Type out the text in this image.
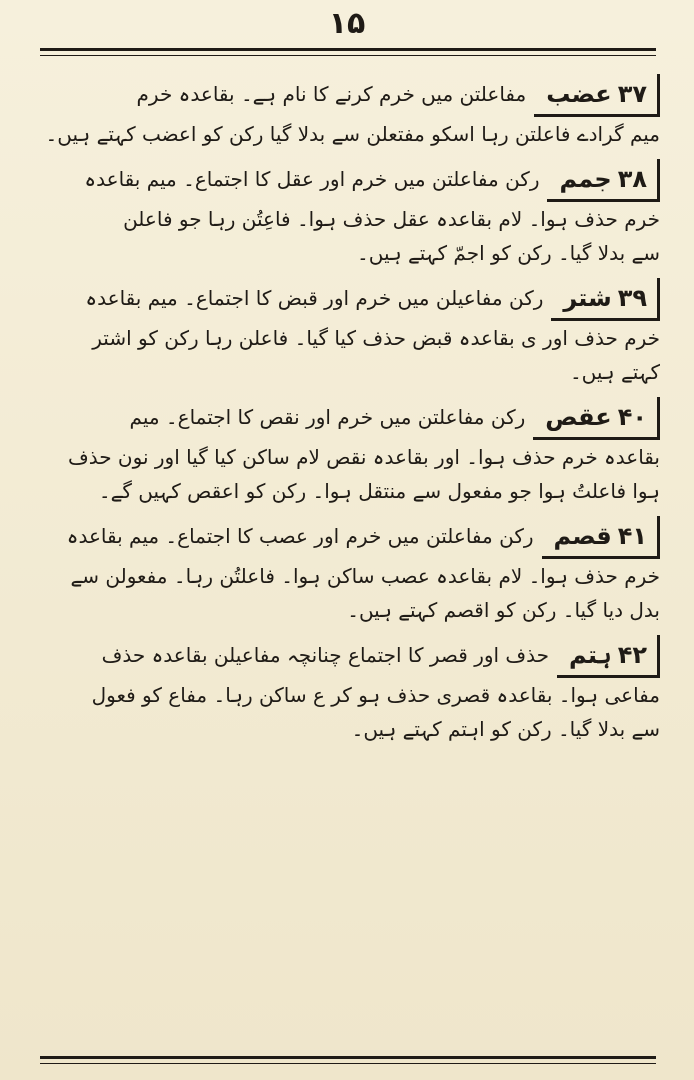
۱۵
۳۷
عضب
مفاعلتن میں خرم کرنے کا نام ہے۔ بقاعدہ خرم
میم گرادے فاعلتن رہا اسکو مفتعلن سے بدلا گیا رکن کو اعضب کہتے ہیں۔
۳۸
جمم
رکن مفاعلتن میں خرم اور عقل کا اجتماع۔ میم بقاعدہ
خرم حذف ہوا۔ لام بقاعدہ عقل حذف ہوا۔ فاعِتُن رہا جو فاعلن
سے بدلا گیا۔ رکن کو اجمّ کہتے ہیں۔
۳۹
شتر
رکن مفاعیلن میں خرم اور قبض کا اجتماع۔ میم بقاعدہ
خرم حذف اور ی بقاعدہ قبض حذف کیا گیا۔ فاعلن رہا رکن کو اشتر
کہتے ہیں۔
۴۰
عقص
رکن مفاعلتن میں خرم اور نقص کا اجتماع۔ میم
بقاعدہ خرم حذف ہوا۔ اور بقاعدہ نقص لام ساکن کیا گیا اور نون حذف
ہوا فاعلتُ ہوا جو مفعول سے منتقل ہوا۔ رکن کو اعقص کہیں گے۔
۴۱
قصم
رکن مفاعلتن میں خرم اور عصب کا اجتماع۔ میم بقاعدہ
خرم حذف ہوا۔ لام بقاعدہ عصب ساکن ہوا۔ فاعلتُن رہا۔ مفعولن سے
بدل دیا گیا۔ رکن کو اقصم کہتے ہیں۔
۴۲
ہتم
حذف اور قصر کا اجتماع چنانچہ مفاعیلن بقاعدہ حذف
مفاعی ہوا۔ بقاعدہ قصری حذف ہو کر ع ساکن رہا۔ مفاع کو فعول
سے بدلا گیا۔ رکن کو اہتم کہتے ہیں۔
